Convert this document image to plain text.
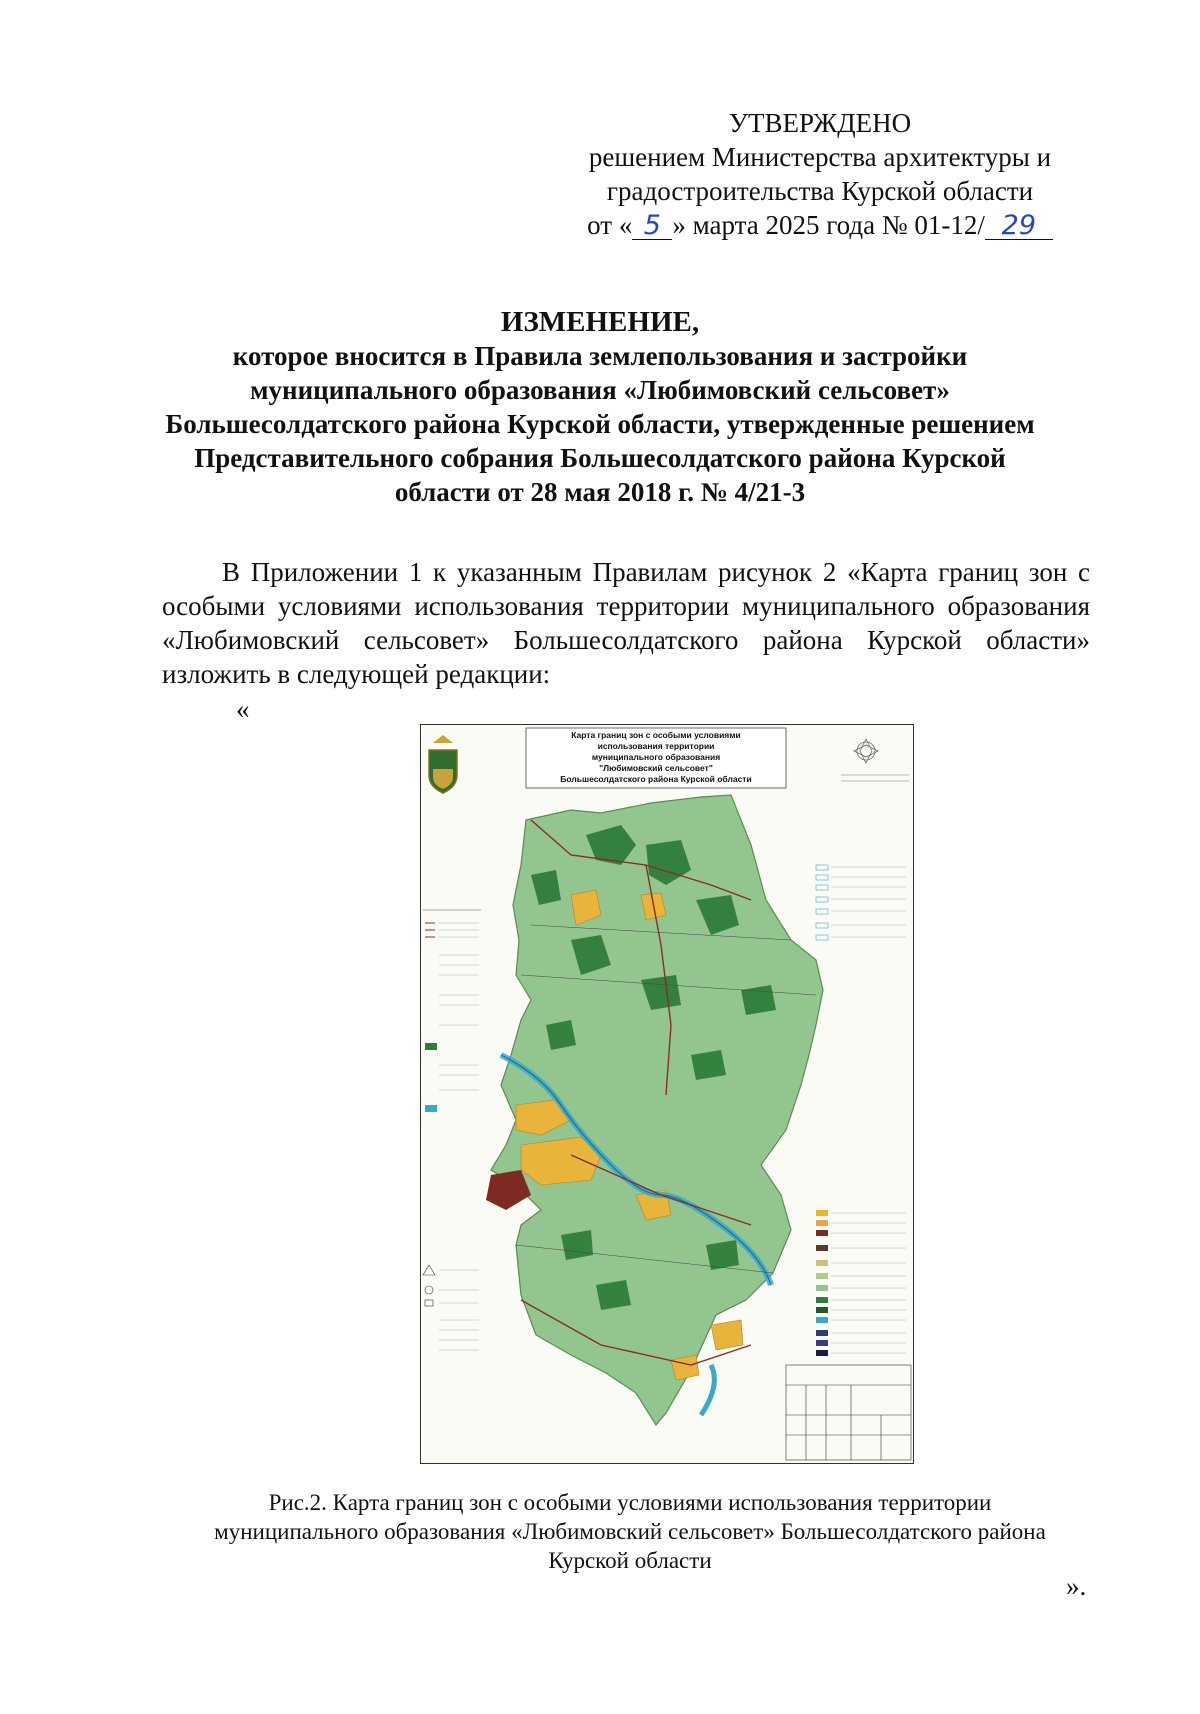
УТВЕРЖДЕНО
решением Министерства архитектуры и
градостроительства Курской области
от « 5 » марта 2025 года № 01-12/ 29
ИЗМЕНЕНИЕ,
которое вносится в Правила землепользования и застройки
муниципального образования «Любимовский сельсовет»
Большесолдатского района Курской области, утвержденные решением
Представительного собрания Большесолдатского района Курской
области от 28 мая 2018 г. № 4/21-3
В Приложении 1 к указанным Правилам рисунок 2 «Карта границ зон с особыми условиями использования территории муниципального образования «Любимовский сельсовет» Большесолдатского района Курской области» изложить в следующей редакции:
«
Карта границ зон с особыми условиями
использования территории
муниципального образования
"Любимовский сельсовет"
Большесолдатского района Курской области
Рис.2. Карта границ зон с особыми условиями использования территории
муниципального образования «Любимовский сельсовет» Большесолдатского района
Курской области
».
